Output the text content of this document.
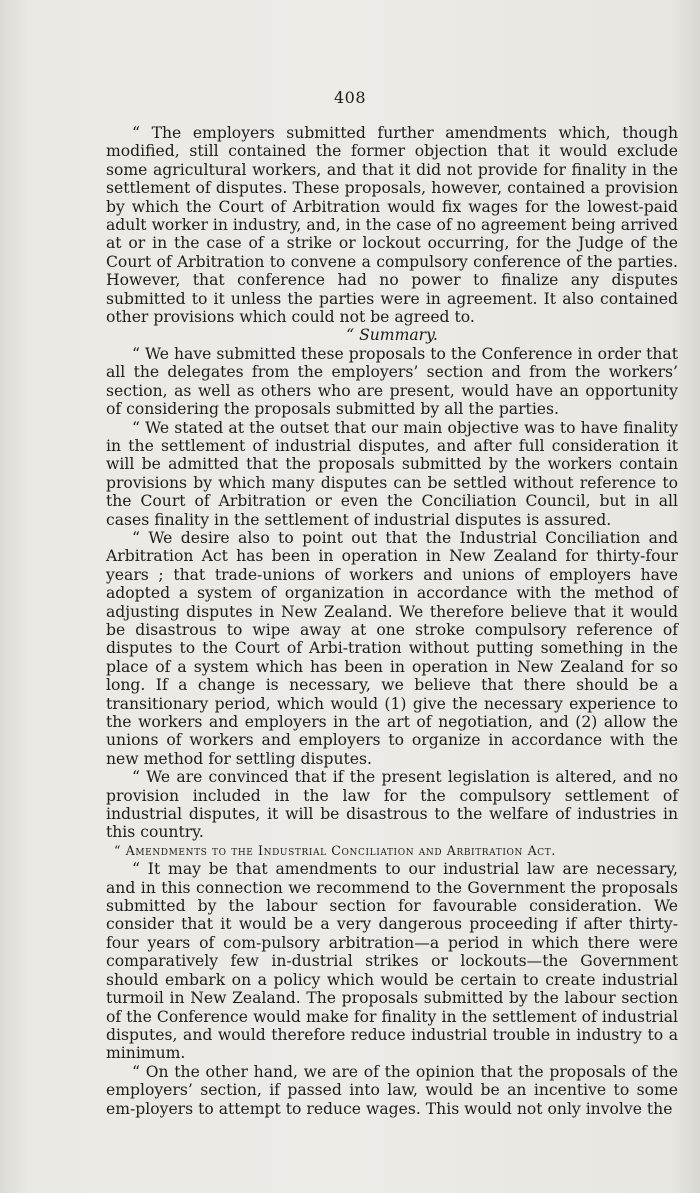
408

“ The employers submitted further amendments which, though modified, still contained the former objection that it would exclude some agricultural workers, and that it did not provide for finality in the settlement of disputes. These proposals, however, contained a provision by which the Court of Arbitration would fix wages for the lowest-paid adult worker in industry, and, in the case of no agreement being arrived at or in the case of a strike or lockout occurring, for the Judge of the Court of Arbitration to convene a compulsory conference of the parties. However, that conference had no power to finalize any disputes submitted to it unless the parties were in agreement. It also contained other provisions which could not be agreed to.

“ Summary.

“ We have submitted these proposals to the Conference in order that all the delegates from the employers’ section and from the workers’ section, as well as others who are present, would have an opportunity of considering the proposals submitted by all the parties.

“ We stated at the outset that our main objective was to have finality in the settlement of industrial disputes, and after full consideration it will be admitted that the proposals submitted by the workers contain provisions by which many disputes can be settled without reference to the Court of Arbitration or even the Conciliation Council, but in all cases finality in the settlement of industrial disputes is assured.

“ We desire also to point out that the Industrial Conciliation and Arbitration Act has been in operation in New Zealand for thirty-four years ; that trade-unions of workers and unions of employers have adopted a system of organization in accordance with the method of adjusting disputes in New Zealand. We therefore believe that it would be disastrous to wipe away at one stroke compulsory reference of disputes to the Court of Arbi-tration without putting something in the place of a system which has been in operation in New Zealand for so long. If a change is necessary, we believe that there should be a transitionary period, which would (1) give the necessary experience to the workers and employers in the art of negotiation, and (2) allow the unions of workers and employers to organize in accordance with the new method for settling disputes.

“ We are convinced that if the present legislation is altered, and no provision included in the law for the compulsory settlement of industrial disputes, it will be disastrous to the welfare of industries in this country.

“ Amendments to the Industrial Conciliation and Arbitration Act.

“ It may be that amendments to our industrial law are necessary, and in this connection we recommend to the Government the proposals submitted by the labour section for favourable consideration. We consider that it would be a very dangerous proceeding if after thirty-four years of com-pulsory arbitration—a period in which there were comparatively few in-dustrial strikes or lockouts—the Government should embark on a policy which would be certain to create industrial turmoil in New Zealand. The proposals submitted by the labour section of the Conference would make for finality in the settlement of industrial disputes, and would therefore reduce industrial trouble in industry to a minimum.

“ On the other hand, we are of the opinion that the proposals of the employers’ section, if passed into law, would be an incentive to some em-ployers to attempt to reduce wages. This would not only involve the
